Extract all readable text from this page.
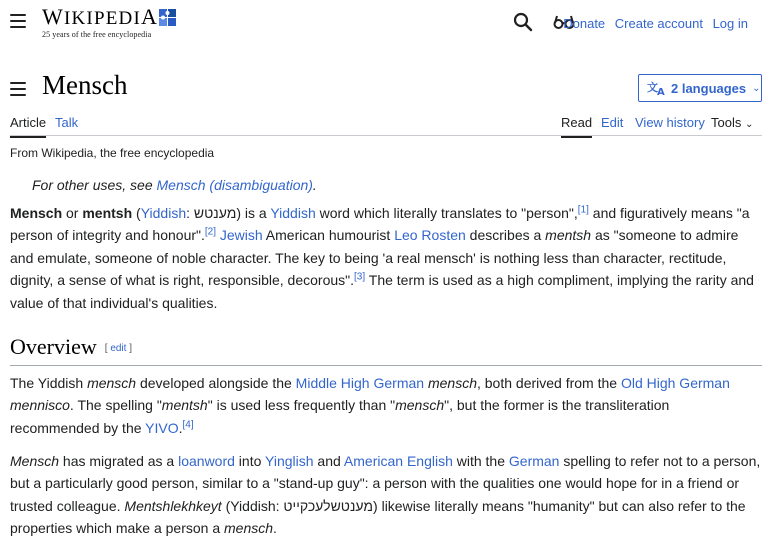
WIKIPEDIA
25 years of the free encyclopedia
Donate Create account Log in
Mensch	文 A 2 languages ⌄
Article Talk	Read Edit View history Tools ⌄
From Wikipedia, the free encyclopedia
For other uses, see Mensch (disambiguation).

Mensch or mentsh (Yiddish: מענטש) is a Yiddish word which literally translates to "person",[1] and figuratively means "a person of integrity and honour".[2] Jewish American humourist Leo Rosten describes a mentsh as "someone to admire and emulate, someone of noble character. The key to being 'a real mensch' is nothing less than character, rectitude, dignity, a sense of what is right, responsible, decorous".[3] The term is used as a high compliment, implying the rarity and value of that individual's qualities.

Overview [ edit ]

The Yiddish mensch developed alongside the Middle High German mensch, both derived from the Old High German mennisco. The spelling "mentsh" is used less frequently than "mensch", but the former is the transliteration recommended by the YIVO.[4]

Mensch has migrated as a loanword into Yinglish and American English with the German spelling to refer not to a person, but a particularly good person, similar to a "stand-up guy": a person with the qualities one would hope for in a friend or trusted colleague. Mentshlekhkeyt (Yiddish: מענטשלעכקייט) likewise literally means "humanity" but can also refer to the properties which make a person a mensch.
